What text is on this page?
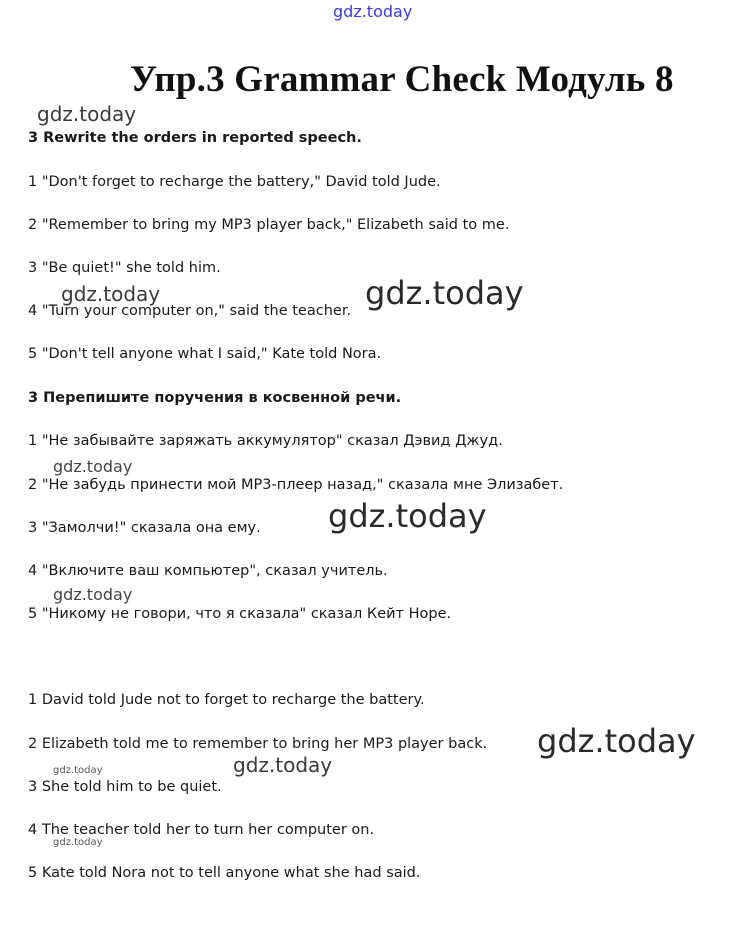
gdz.today
gdz.today
gdz.today	gdz.today
gdz.today
gdz.today
gdz.today
gdz.today
gdz.today
gdz.today
gdz.today
Упр.3 Grammar Check Модуль 8
3 Rewrite the orders in reported speech.
1 "Don't forget to recharge the battery," David told Jude.
2 "Remember to bring my MP3 player back," Elizabeth said to me.
3 "Be quiet!" she told him.
4 "Turn your computer on," said the teacher.
5 "Don't tell anyone what I said," Kate told Nora.
3 Перепишите поручения в косвенной речи.
1 "Не забывайте заряжать аккумулятор" сказал Дэвид Джуд.
2 "Не забудь принести мой МР3-плеер назад," сказала мне Элизабет.
3 "Замолчи!" сказала она ему.
4 "Включите ваш компьютер", сказал учитель.
5 "Никому не говори, что я сказала" сказал Кейт Норе.
1 David told Jude not to forget to recharge the battery.
2 Elizabeth told me to remember to bring her MP3 player back.
3 She told him to be quiet.
4 The teacher told her to turn her computer on.
5 Kate told Nora not to tell anyone what she had said.
